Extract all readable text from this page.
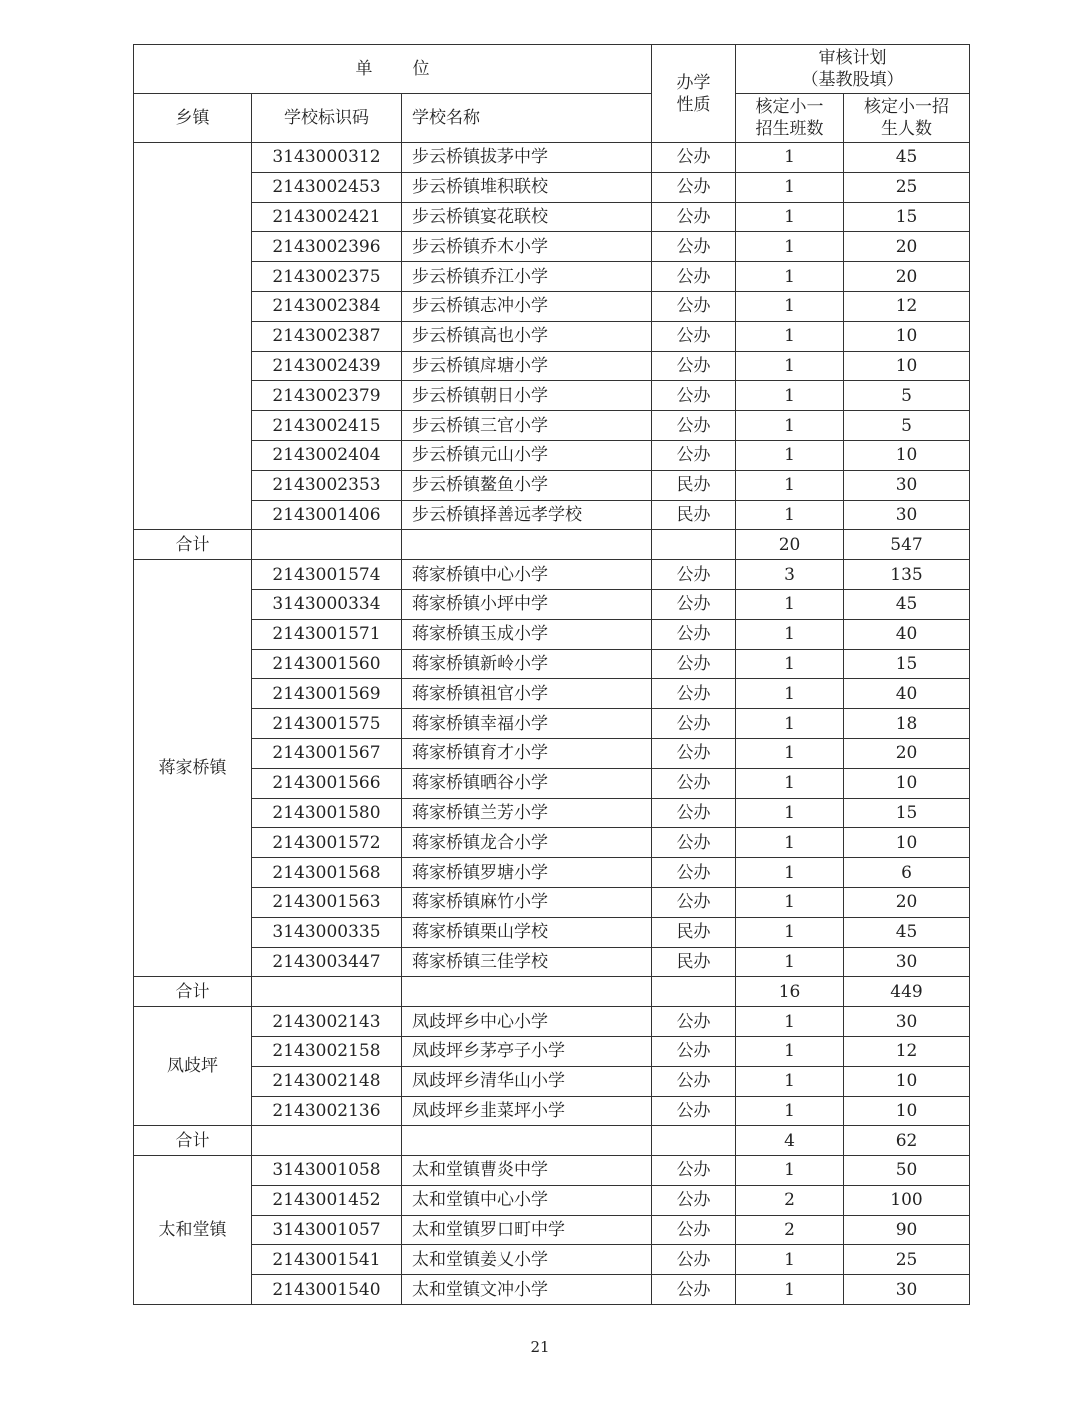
单位			办学性质	审核计划
（基教股填）	

乡镇	学校标识码	学校名称		核定小一招生班数	核定小一招生人数
	3143000312	步云桥镇拔茅中学	公办	1	45
	2143002453	步云桥镇堆积联校	公办	1	25
	2143002421	步云桥镇宴花联校	公办	1	15
	2143002396	步云桥镇乔木小学	公办	1	20
	2143002375	步云桥镇乔江小学	公办	1	20
	2143002384	步云桥镇志冲小学	公办	1	12
	2143002387	步云桥镇高也小学	公办	1	10
	2143002439	步云桥镇戽塘小学	公办	1	10
	2143002379	步云桥镇朝日小学	公办	1	5
	2143002415	步云桥镇三官小学	公办	1	5
	2143002404	步云桥镇元山小学	公办	1	10
	2143002353	步云桥镇鳌鱼小学	民办	1	30
	2143001406	步云桥镇择善远孝学校	民办	1	30
合计				20	547
蒋家桥镇	2143001574	蒋家桥镇中心小学	公办	3	135
	3143000334	蒋家桥镇小坪中学	公办	1	45
	2143001571	蒋家桥镇玉成小学	公办	1	40
	2143001560	蒋家桥镇新岭小学	公办	1	15
	2143001569	蒋家桥镇祖官小学	公办	1	40
	2143001575	蒋家桥镇幸福小学	公办	1	18
	2143001567	蒋家桥镇育才小学	公办	1	20
	2143001566	蒋家桥镇晒谷小学	公办	1	10
	2143001580	蒋家桥镇兰芳小学	公办	1	15
	2143001572	蒋家桥镇龙合小学	公办	1	10
	2143001568	蒋家桥镇罗塘小学	公办	1	6
	2143001563	蒋家桥镇麻竹小学	公办	1	20
	3143000335	蒋家桥镇栗山学校	民办	1	45
	2143003447	蒋家桥镇三佳学校	民办	1	30
合计				16	449
凤歧坪	2143002143	凤歧坪乡中心小学	公办	1	30
	2143002158	凤歧坪乡茅亭子小学	公办	1	12
	2143002148	凤歧坪乡清华山小学	公办	1	10
	2143002136	凤歧坪乡韭菜坪小学	公办	1	10
合计				4	62
太和堂镇	3143001058	太和堂镇曹炎中学	公办	1	50
	2143001452	太和堂镇中心小学	公办	2	100
	3143001057	太和堂镇罗口町中学	公办	2	90
	2143001541	太和堂镇姜乂小学	公办	1	25
	2143001540	太和堂镇文冲小学	公办	1	30
21
